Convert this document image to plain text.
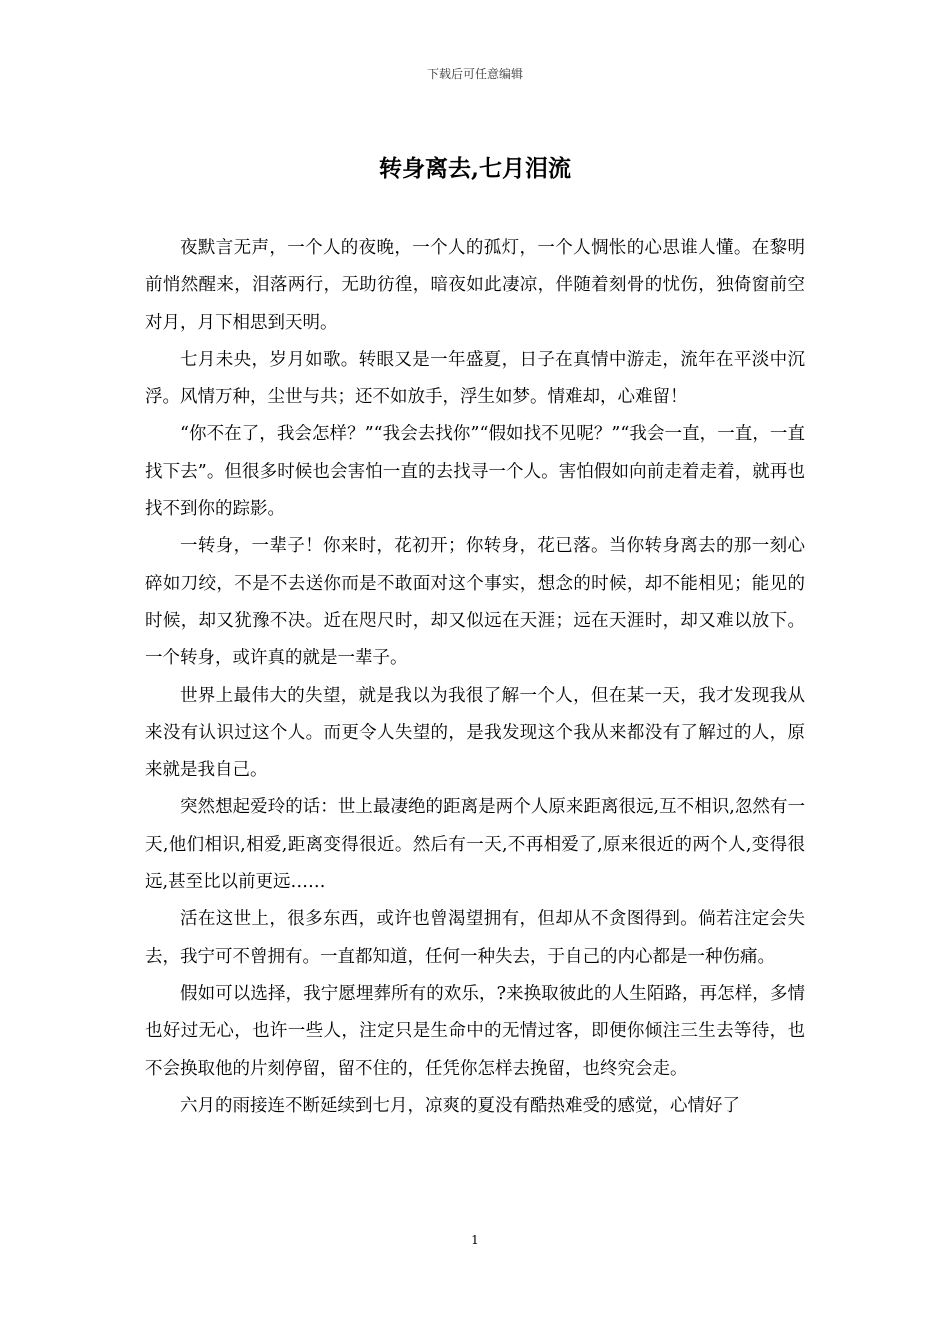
下载后可任意编辑
转身离去,七月泪流

夜默言无声，一个人的夜晚，一个人的孤灯，一个人惆怅的心思谁人懂。在黎明前悄然醒来，泪落两行，无助彷徨，暗夜如此凄凉，伴随着刻骨的忧伤，独倚窗前空对月，月下相思到天明。

七月未央，岁月如歌。转眼又是一年盛夏，日子在真情中游走，流年在平淡中沉浮。风情万种，尘世与共；还不如放手，浮生如梦。情难却，心难留！

“你不在了，我会怎样？”“我会去找你”“假如找不见呢？”“我会一直，一直，一直找下去”。但很多时候也会害怕一直的去找寻一个人。害怕假如向前走着走着，就再也找不到你的踪影。

一转身，一辈子！你来时，花初开；你转身，花已落。当你转身离去的那一刻心碎如刀绞，不是不去送你而是不敢面对这个事实，想念的时候，却不能相见；能见的时候，却又犹豫不决。近在咫尺时，却又似远在天涯；远在天涯时，却又难以放下。一个转身，或许真的就是一辈子。

世界上最伟大的失望，就是我以为我很了解一个人，但在某一天，我才发现我从来没有认识过这个人。而更令人失望的，是我发现这个我从来都没有了解过的人，原来就是我自己。

突然想起爱玲的话：世上最凄绝的距离是两个人原来距离很远,互不相识,忽然有一天,他们相识,相爱,距离变得很近。然后有一天,不再相爱了,原来很近的两个人,变得很远,甚至比以前更远……

活在这世上，很多东西，或许也曾渴望拥有，但却从不贪图得到。倘若注定会失去，我宁可不曾拥有。一直都知道，任何一种失去，于自己的内心都是一种伤痛。

假如可以选择，我宁愿埋葬所有的欢乐，?来换取彼此的人生陌路，再怎样，多情也好过无心，也许一些人，注定只是生命中的无情过客，即便你倾注三生去等待，也不会换取他的片刻停留，留不住的，任凭你怎样去挽留，也终究会走。

六月的雨接连不断延续到七月，凉爽的夏没有酷热难受的感觉，心情好了

1
